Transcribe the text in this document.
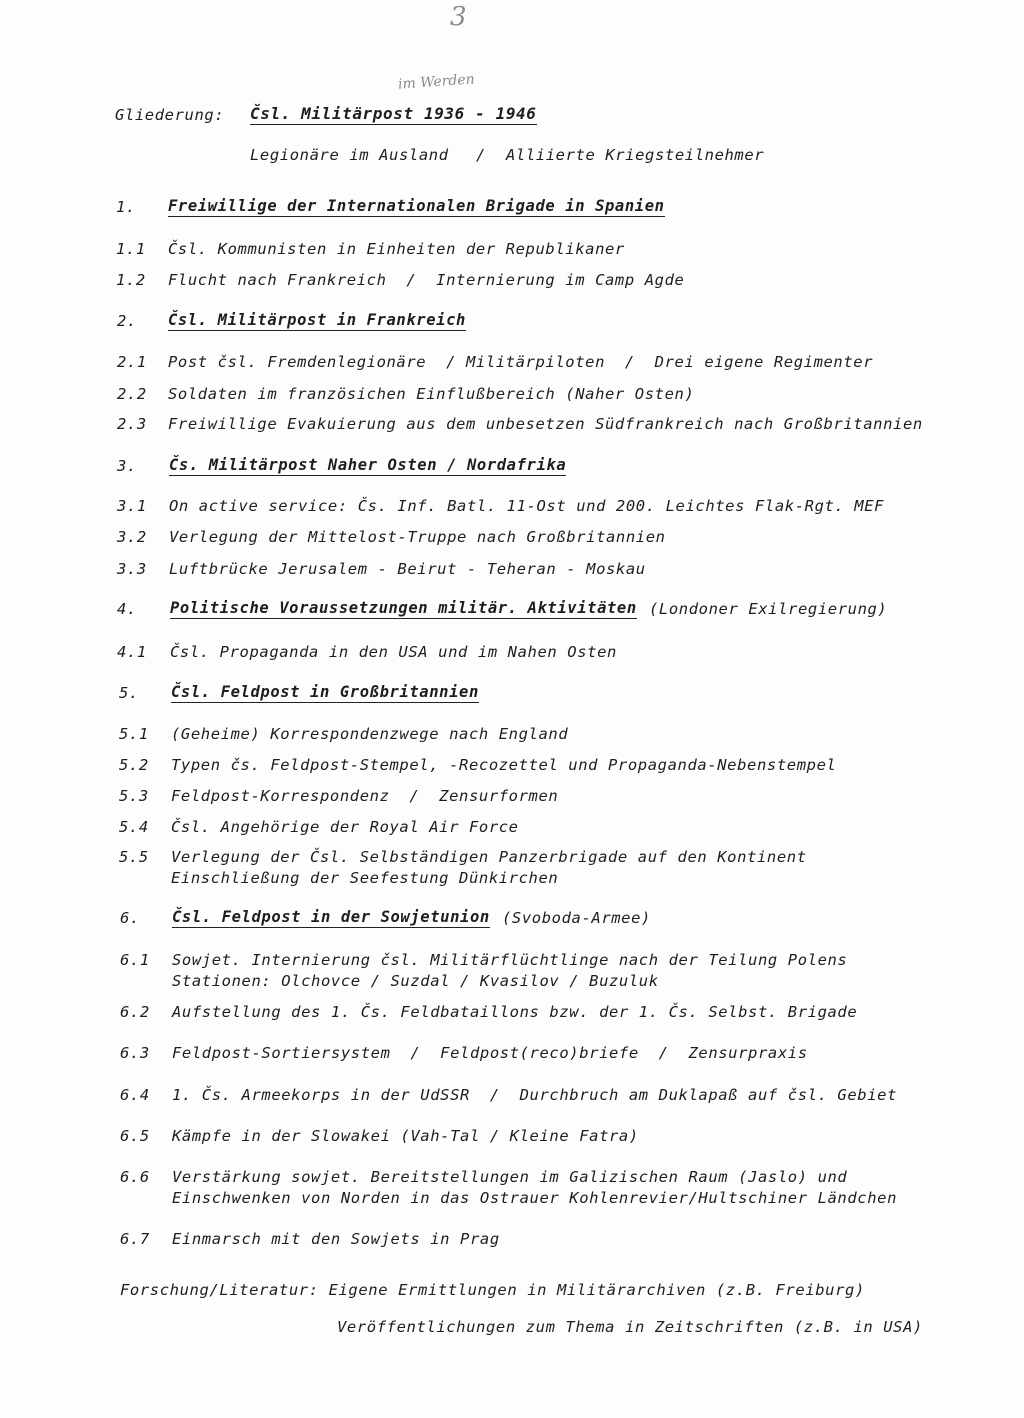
3
im Werden
Gliederung: Čsl. Militärpost 1936 - 1946
Legionäre im Ausland / Alliierte Kriegsteilnehmer
1. Freiwillige der Internationalen Brigade in Spanien
1.1 Čsl. Kommunisten in Einheiten der Republikaner
1.2 Flucht nach Frankreich  /  Internierung im Camp Agde
2. Čsl. Militärpost in Frankreich
2.1 Post čsl. Fremdenlegionäre  / Militärpiloten  /  Drei eigene Regimenter
2.2 Soldaten im französichen Einflußbereich (Naher Osten)
2.3 Freiwillige Evakuierung aus dem unbesetzen Südfrankreich nach Großbritannien
3. Čs. Militärpost Naher Osten / Nordafrika
3.1 On active service: Čs. Inf. Batl. 11-Ost und 200. Leichtes Flak-Rgt. MEF
3.2 Verlegung der Mittelost-Truppe nach Großbritannien
3.3 Luftbrücke Jerusalem - Beirut - Teheran - Moskau
4. Politische Voraussetzungen militär. Aktivitäten (Londoner Exilregierung)
4.1 Čsl. Propaganda in den USA und im Nahen Osten
5. Čsl. Feldpost in Großbritannien
5.1 (Geheime) Korrespondenzwege nach England
5.2 Typen čs. Feldpost-Stempel, -Recozettel und Propaganda-Nebenstempel
5.3 Feldpost-Korrespondenz  /  Zensurformen
5.4 Čsl. Angehörige der Royal Air Force
5.5 Verlegung der Čsl. Selbständigen Panzerbrigade auf den Kontinent
Einschließung der Seefestung Dünkirchen
6. Čsl. Feldpost in der Sowjetunion (Svoboda-Armee)
6.1 Sowjet. Internierung čsl. Militärflüchtlinge nach der Teilung Polens
Stationen: Olchovce / Suzdal / Kvasilov / Buzuluk
6.2 Aufstellung des 1. Čs. Feldbataillons bzw. der 1. Čs. Selbst. Brigade
6.3 Feldpost-Sortiersystem  /  Feldpost(reco)briefe  /  Zensurpraxis
6.4 1. Čs. Armeekorps in der UdSSR  /  Durchbruch am Duklapaß auf čsl. Gebiet
6.5 Kämpfe in der Slowakei (Vah-Tal / Kleine Fatra)
6.6 Verstärkung sowjet. Bereitstellungen im Galizischen Raum (Jaslo) und
Einschwenken von Norden in das Ostrauer Kohlenrevier/Hultschiner Ländchen
6.7 Einmarsch mit den Sowjets in Prag
Forschung/Literatur: Eigene Ermittlungen in Militärarchiven (z.B. Freiburg)
Veröffentlichungen zum Thema in Zeitschriften (z.B. in USA)
